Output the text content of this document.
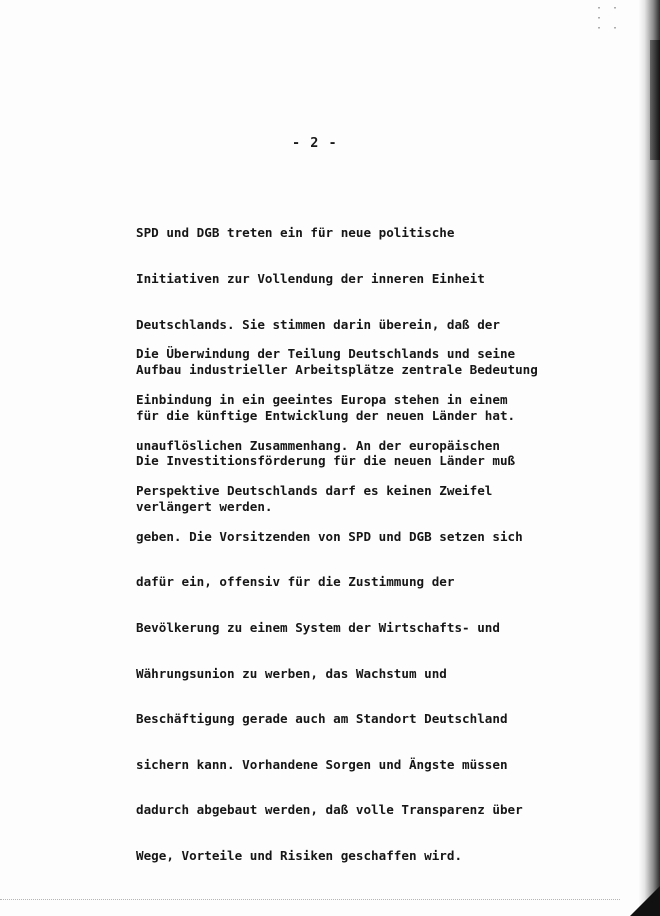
· ·
·
· ·
- 2 -

SPD und DGB treten ein für neue politische

Initiativen zur Vollendung der inneren Einheit

Deutschlands. Sie stimmen darin überein, daß der

Aufbau industrieller Arbeitsplätze zentrale Bedeutung

für die künftige Entwicklung der neuen Länder hat.

Die Investitionsförderung für die neuen Länder muß

verlängert werden.

Die Überwindung der Teilung Deutschlands und seine

Einbindung in ein geeintes Europa stehen in einem

unauflöslichen Zusammenhang. An der europäischen

Perspektive Deutschlands darf es keinen Zweifel

geben. Die Vorsitzenden von SPD und DGB setzen sich

dafür ein, offensiv für die Zustimmung der

Bevölkerung zu einem System der Wirtschafts- und

Währungsunion zu werben, das Wachstum und

Beschäftigung gerade auch am Standort Deutschland

sichern kann. Vorhandene Sorgen und Ängste müssen

dadurch abgebaut werden, daß volle Transparenz über

Wege, Vorteile und Risiken geschaffen wird.
